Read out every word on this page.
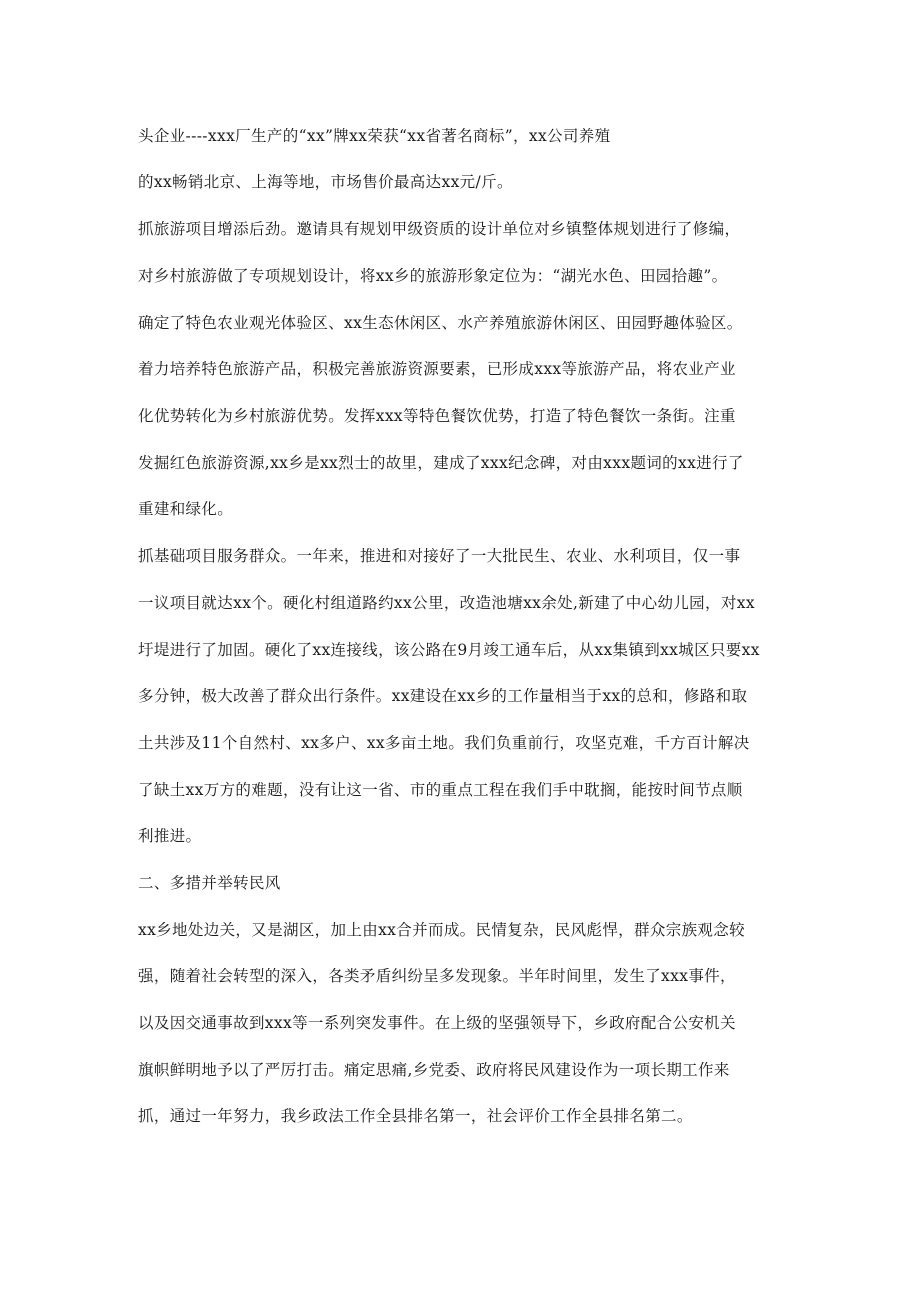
头企业----xxx厂生产的“xx”牌xx荣获“xx省著名商标”，xx公司养殖
的xx畅销北京、上海等地，市场售价最高达xx元/斤。
抓旅游项目增添后劲。邀请具有规划甲级资质的设计单位对乡镇整体规划进行了修编，
对乡村旅游做了专项规划设计，将xx乡的旅游形象定位为：“湖光水色、田园拾趣”。
确定了特色农业观光体验区、xx生态休闲区、水产养殖旅游休闲区、田园野趣体验区。
着力培养特色旅游产品，积极完善旅游资源要素，已形成xxx等旅游产品，将农业产业
化优势转化为乡村旅游优势。发挥xxx等特色餐饮优势，打造了特色餐饮一条街。注重
发掘红色旅游资源,xx乡是xx烈士的故里，建成了xxx纪念碑，对由xxx题词的xx进行了
重建和绿化。
抓基础项目服务群众。一年来，推进和对接好了一大批民生、农业、水利项目，仅一事
一议项目就达xx个。硬化村组道路约xx公里，改造池塘xx余处,新建了中心幼儿园，对xx
圩堤进行了加固。硬化了xx连接线，该公路在9月竣工通车后，从xx集镇到xx城区只要xx
多分钟，极大改善了群众出行条件。xx建设在xx乡的工作量相当于xx的总和，修路和取
土共涉及11个自然村、xx多户、xx多亩土地。我们负重前行，攻坚克难，千方百计解决
了缺土xx万方的难题，没有让这一省、市的重点工程在我们手中耽搁，能按时间节点顺
利推进。
二、多措并举转民风
xx乡地处边关，又是湖区，加上由xx合并而成。民情复杂，民风彪悍，群众宗族观念较
强，随着社会转型的深入，各类矛盾纠纷呈多发现象。半年时间里，发生了xxx事件，
以及因交通事故到xxx等一系列突发事件。在上级的坚强领导下，乡政府配合公安机关
旗帜鲜明地予以了严厉打击。痛定思痛,乡党委、政府将民风建设作为一项长期工作来
抓，通过一年努力，我乡政法工作全县排名第一，社会评价工作全县排名第二。
